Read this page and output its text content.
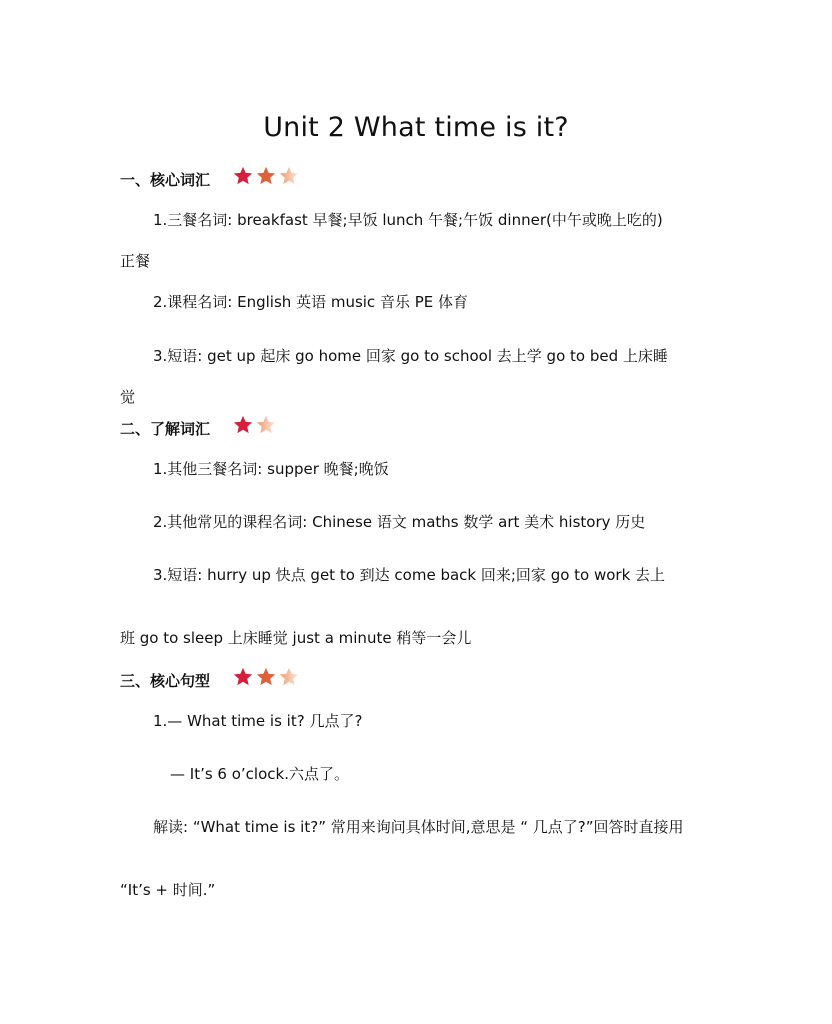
Unit 2 What time is it?
一、核心词汇
1.三餐名词: breakfast 早餐;早饭 lunch 午餐;午饭 dinner(中午或晚上吃的)
正餐
2.课程名词: English 英语 music 音乐 PE 体育
3.短语: get up 起床 go home 回家 go to school 去上学 go to bed 上床睡
觉
二、了解词汇
1.其他三餐名词: supper 晚餐;晚饭
2.其他常见的课程名词: Chinese 语文 maths 数学 art 美术 history 历史
3.短语: hurry up 快点 get to 到达 come back 回来;回家 go to work 去上
班 go to sleep 上床睡觉 just a minute 稍等一会儿
三、核心句型
1.— What time is it? 几点了?
— It’s 6 o’clock.六点了。
解读: “What time is it?” 常用来询问具体时间,意思是 “ 几点了?”回答时直接用
“It’s + 时间.”
